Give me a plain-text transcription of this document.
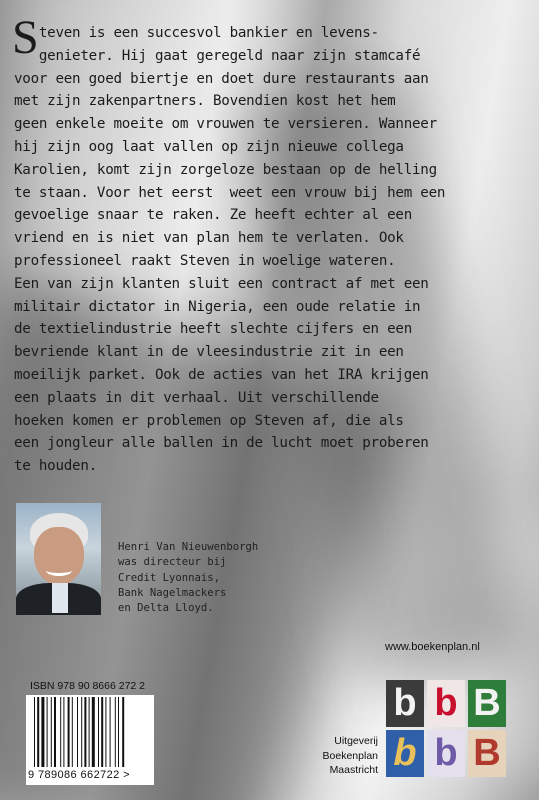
S
teven is een succesvol bankier en levens-
genieter. Hij gaat geregeld naar zijn stamcafé
voor een goed biertje en doet dure restaurants aan
met zijn zakenpartners. Bovendien kost het hem
geen enkele moeite om vrouwen te versieren. Wanneer
hij zijn oog laat vallen op zijn nieuwe collega
Karolien, komt zijn zorgeloze bestaan op de helling
te staan. Voor het eerst  weet een vrouw bij hem een
gevoelige snaar te raken. Ze heeft echter al een
vriend en is niet van plan hem te verlaten. Ook
professioneel raakt Steven in woelige wateren.
Een van zijn klanten sluit een contract af met een
militair dictator in Nigeria, een oude relatie in
de textielindustrie heeft slechte cijfers en een
bevriende klant in de vleesindustrie zit in een
moeilijk parket. Ook de acties van het IRA krijgen
een plaats in dit verhaal. Uit verschillende
hoeken komen er problemen op Steven af, die als
een jongleur alle ballen in de lucht moet proberen
te houden.
Henri Van Nieuwenborgh
was directeur bij
Credit Lyonnais,
Bank Nagelmackers
en Delta Lloyd.
www.boekenplan.nl
b b B
b b B
Uitgeverij
Boekenplan
Maastricht
ISBN 978 90 8666 272 2
9 789086 662722 >
